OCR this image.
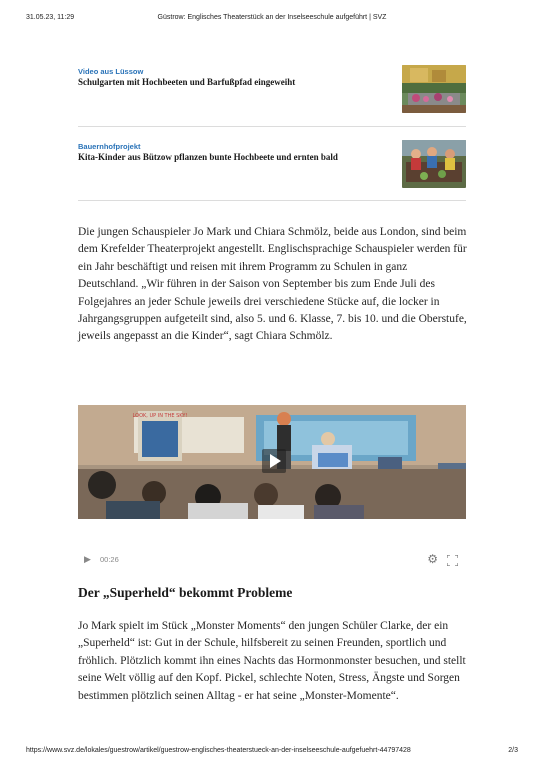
31.05.23, 11:29	Güstrow: Englisches Theaterstück an der Inselseeschule aufgeführt | SVZ
Video aus Lüssow
Schulgarten mit Hochbeeten und Barfußpfad eingeweiht
Bauernhofprojekt
Kita-Kinder aus Bützow pflanzen bunte Hochbeete und ernten bald

Die jungen Schauspieler Jo Mark und Chiara Schmölz, beide aus London, sind beim dem Krefelder Theaterprojekt angestellt. Englischsprachige Schauspieler werden für ein Jahr beschäftigt und reisen mit ihrem Programm zu Schulen in ganz Deutschland. „Wir führen in der Saison von September bis zum Ende Juli des Folgejahres an jeder Schule jeweils drei verschiedene Stücke auf, die locker in Jahrgangsgruppen aufgeteilt sind, also 5. und 6. Klasse, 7. bis 10. und die Oberstufe, jeweils angepasst an die Kinder“, sagt Chiara Schmölz.

LOOK, UP IN THE SKY!
▶ 00:26	⚙
Der „Superheld“ bekommt Probleme

Jo Mark spielt im Stück „Monster Moments“ den jungen Schüler Clarke, der ein „Superheld“ ist: Gut in der Schule, hilfsbereit zu seinen Freunden, sportlich und fröhlich. Plötzlich kommt ihn eines Nachts das Hormonmonster besuchen, und stellt seine Welt völlig auf den Kopf. Pickel, schlechte Noten, Stress, Ängste und Sorgen bestimmen plötzlich seinen Alltag - er hat seine „Monster-Momente“.

https://www.svz.de/lokales/guestrow/artikel/guestrow-englisches-theaterstueck-an-der-inselseeschule-aufgefuehrt-44797428	2/3
